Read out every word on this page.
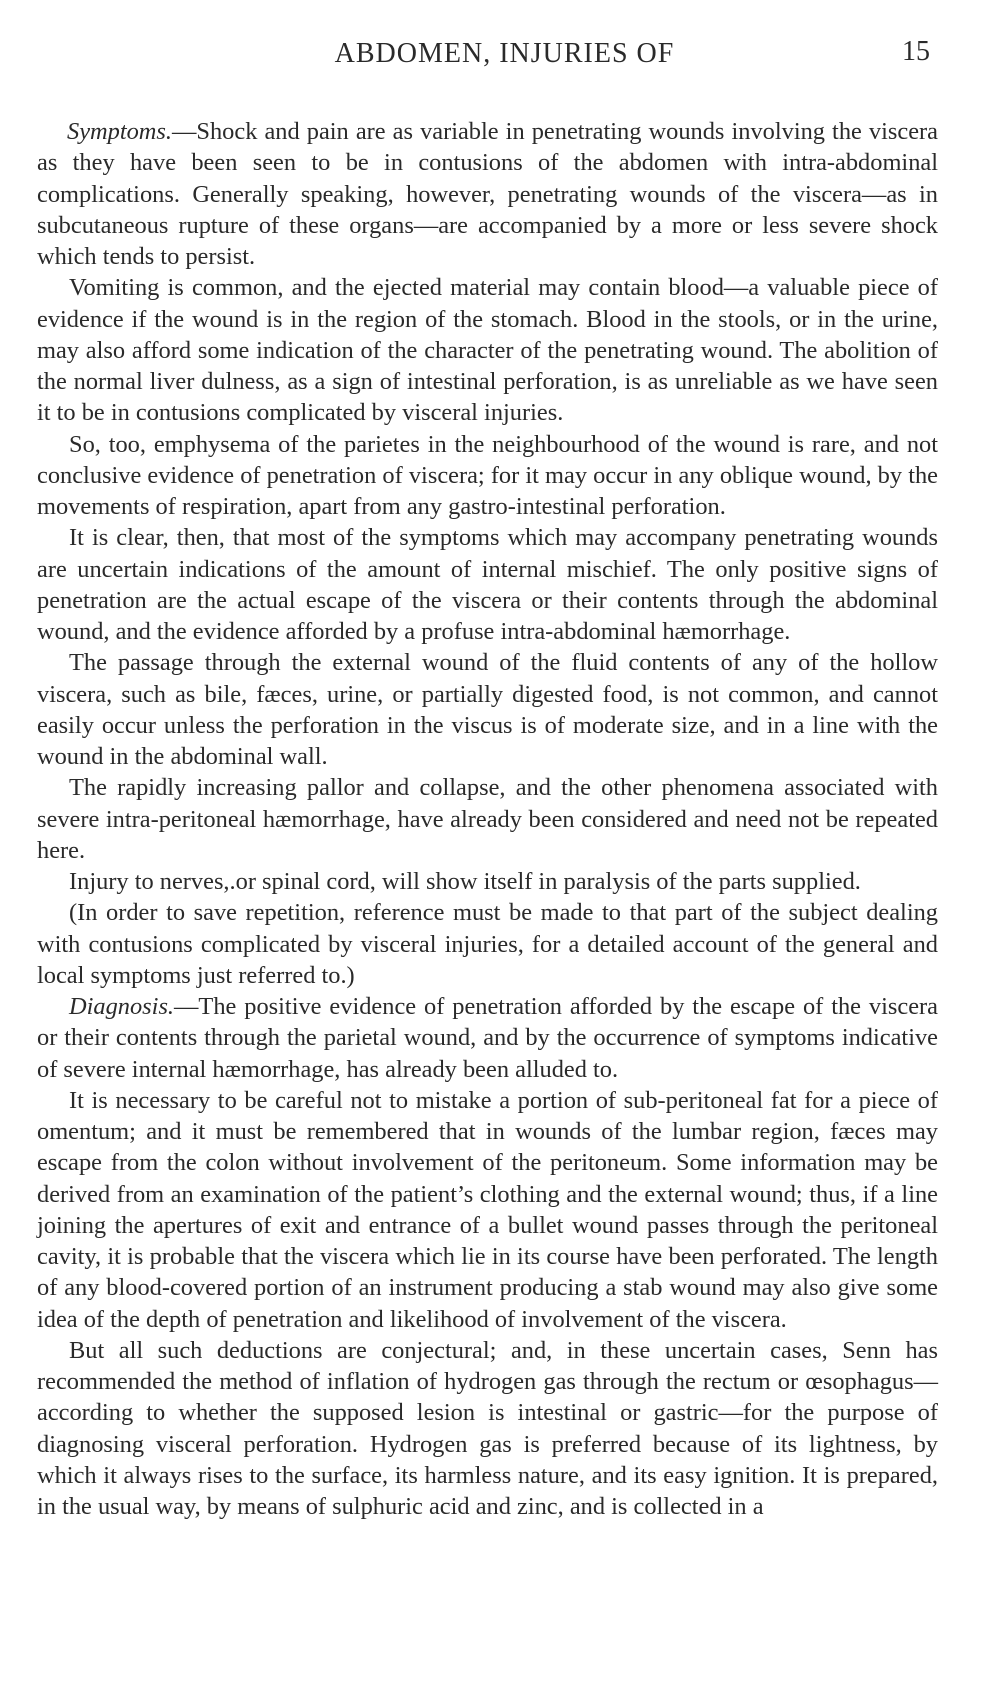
ABDOMEN, INJURIES OF	15

Symptoms.—Shock and pain are as variable in penetrating wounds involving the viscera as they have been seen to be in contusions of the abdomen with intra-abdominal complications. Generally speaking, however, penetrating wounds of the viscera—as in subcutaneous rupture of these organs—are accompanied by a more or less severe shock which tends to persist.

Vomiting is common, and the ejected material may contain blood—a valuable piece of evidence if the wound is in the region of the stomach. Blood in the stools, or in the urine, may also afford some indication of the character of the penetrating wound. The abolition of the normal liver dulness, as a sign of intestinal perforation, is as unreliable as we have seen it to be in contusions complicated by visceral injuries.

So, too, emphysema of the parietes in the neighbourhood of the wound is rare, and not conclusive evidence of penetration of viscera; for it may occur in any oblique wound, by the movements of respiration, apart from any gastro-intestinal perforation.

It is clear, then, that most of the symptoms which may accompany penetrating wounds are uncertain indications of the amount of internal mischief. The only positive signs of penetration are the actual escape of the viscera or their contents through the abdominal wound, and the evidence afforded by a profuse intra-abdominal hæmorrhage.

The passage through the external wound of the fluid contents of any of the hollow viscera, such as bile, fæces, urine, or partially digested food, is not common, and cannot easily occur unless the perforation in the viscus is of moderate size, and in a line with the wound in the abdominal wall.

The rapidly increasing pallor and collapse, and the other phenomena associated with severe intra-peritoneal hæmorrhage, have already been considered and need not be repeated here.

Injury to nerves,.or spinal cord, will show itself in paralysis of the parts supplied.

(In order to save repetition, reference must be made to that part of the subject dealing with contusions complicated by visceral injuries, for a detailed account of the general and local symptoms just referred to.)

Diagnosis.—The positive evidence of penetration afforded by the escape of the viscera or their contents through the parietal wound, and by the occurrence of symptoms indicative of severe internal hæmorrhage, has already been alluded to.

It is necessary to be careful not to mistake a portion of sub-peritoneal fat for a piece of omentum; and it must be remembered that in wounds of the lumbar region, fæces may escape from the colon without involvement of the peritoneum. Some information may be derived from an examination of the patient’s clothing and the external wound; thus, if a line joining the apertures of exit and entrance of a bullet wound passes through the peritoneal cavity, it is probable that the viscera which lie in its course have been perforated. The length of any blood-covered portion of an instrument producing a stab wound may also give some idea of the depth of penetration and likelihood of involvement of the viscera.

But all such deductions are conjectural; and, in these uncertain cases, Senn has recommended the method of inflation of hydrogen gas through the rectum or œsophagus—according to whether the supposed lesion is intestinal or gastric—for the purpose of diagnosing visceral perforation. Hydrogen gas is preferred because of its lightness, by which it always rises to the surface, its harmless nature, and its easy ignition. It is prepared, in the usual way, by means of sulphuric acid and zinc, and is collected in a
